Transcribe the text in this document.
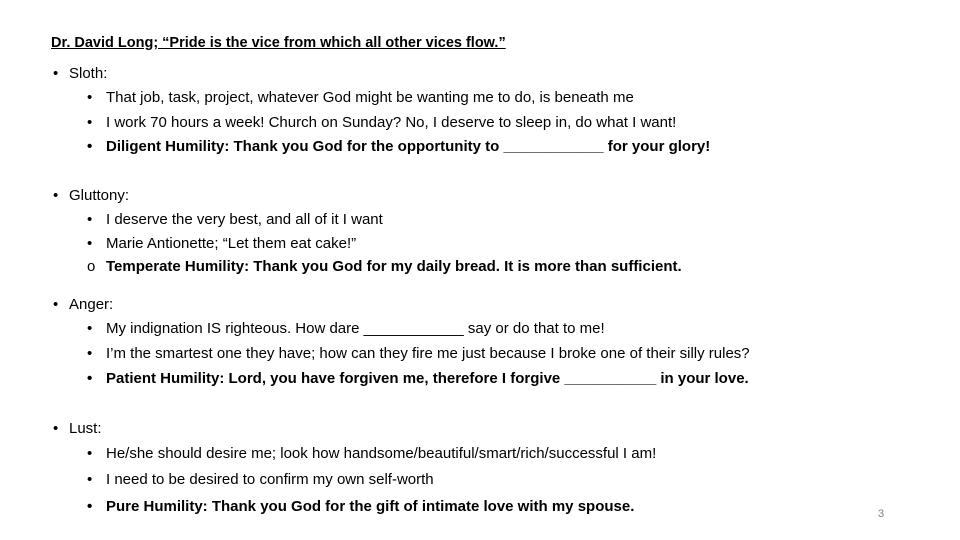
Dr. David Long; “Pride is the vice from which all other vices flow.”
• Sloth:
• That job, task, project, whatever God might be wanting me to do, is beneath me
• I work 70 hours a week! Church on Sunday? No, I deserve to sleep in, do what I want!
• Diligent Humility: Thank you God for the opportunity to ____________ for your glory!
• Gluttony:
• I deserve the very best, and all of it I want
• Marie Antionette; “Let them eat cake!”
o Temperate Humility: Thank you God for my daily bread. It is more than sufficient.
• Anger:
• My indignation IS righteous. How dare ____________ say or do that to me!
• I’m the smartest one they have; how can they fire me just because I broke one of their silly rules?
• Patient Humility: Lord, you have forgiven me, therefore I forgive ___________ in your love.
• Lust:
• He/she should desire me; look how handsome/beautiful/smart/rich/successful I am!
• I need to be desired to confirm my own self-worth
• Pure Humility: Thank you God for the gift of intimate love with my spouse.	3
